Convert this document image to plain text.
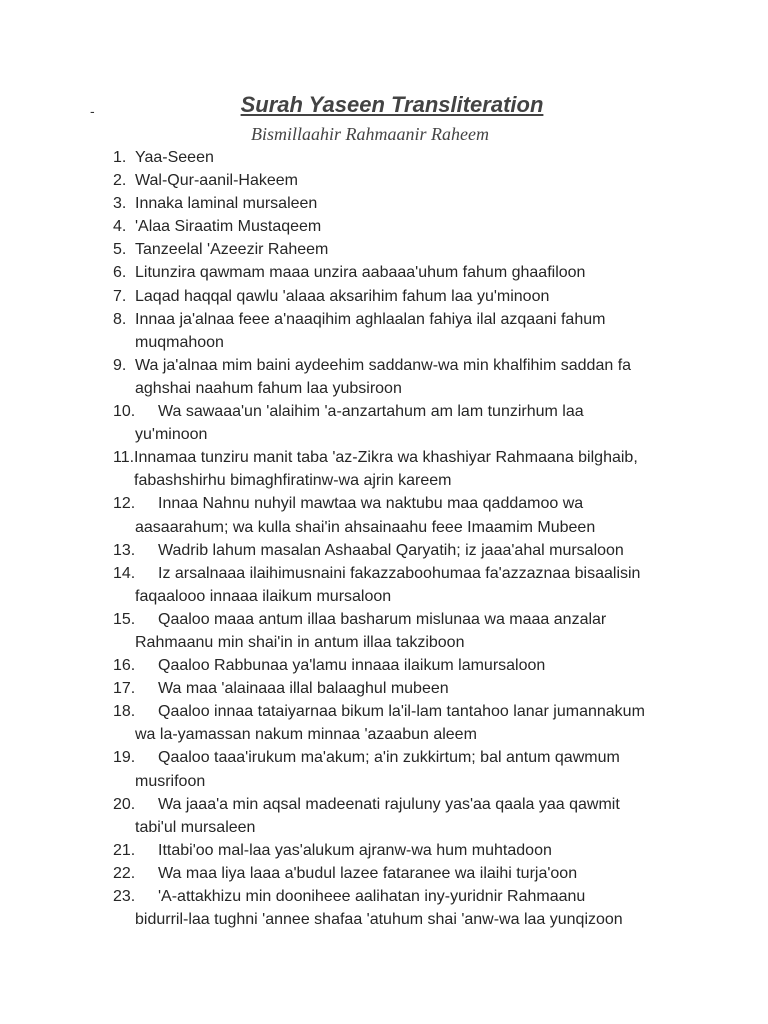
-	Surah Yaseen Transliteration
Bismillaahir Rahmaanir Raheem
1. Yaa-Seeen
2. Wal-Qur-aanil-Hakeem
3. Innaka laminal mursaleen
4. 'Alaa Siraatim Mustaqeem
5. Tanzeelal 'Azeezir Raheem
6. Litunzira qawmam maaa unzira aabaaa'uhum fahum ghaafiloon
7. Laqad haqqal qawlu 'alaaa aksarihim fahum laa yu'minoon
8. Innaa ja'alnaa feee a'naaqihim aghlaalan fahiya ilal azqaani fahum
muqmahoon
9. Wa ja'alnaa mim baini aydeehim saddanw-wa min khalfihim saddan fa
aghshai naahum fahum laa yubsiroon
10. Wa sawaaa'un 'alaihim 'a-anzartahum am lam tunzirhum laa
yu'minoon
11. Innamaa tunziru manit taba 'az-Zikra wa khashiyar Rahmaana bilghaib,
fabashshirhu bimaghfiratinw-wa ajrin kareem
12. Innaa Nahnu nuhyil mawtaa wa naktubu maa qaddamoo wa
aasaarahum; wa kulla shai'in ahsainaahu feee Imaamim Mubeen
13. Wadrib lahum masalan Ashaabal Qaryatih; iz jaaa'ahal mursaloon
14. Iz arsalnaaa ilaihimusnaini fakazzaboohumaa fa'azzaznaa bisaalisin
faqaalooo innaaa ilaikum mursaloon
15. Qaaloo maaa antum illaa basharum mislunaa wa maaa anzalar
Rahmaanu min shai'in in antum illaa takziboon
16. Qaaloo Rabbunaa ya'lamu innaaa ilaikum lamursaloon
17. Wa maa 'alainaaa illal balaaghul mubeen
18. Qaaloo innaa tataiyarnaa bikum la'il-lam tantahoo lanar jumannakum
wa la-yamassan nakum minnaa 'azaabun aleem
19. Qaaloo taaa'irukum ma'akum; a'in zukkirtum; bal antum qawmum
musrifoon
20. Wa jaaa'a min aqsal madeenati rajuluny yas'aa qaala yaa qawmit
tabi'ul mursaleen
21. Ittabi'oo mal-laa yas'alukum ajranw-wa hum muhtadoon
22. Wa maa liya laaa a'budul lazee fataranee wa ilaihi turja'oon
23. 'A-attakhizu min dooniheee aalihatan iny-yuridnir Rahmaanu
bidurril-laa tughni 'annee shafaa 'atuhum shai 'anw-wa laa yunqizoon
